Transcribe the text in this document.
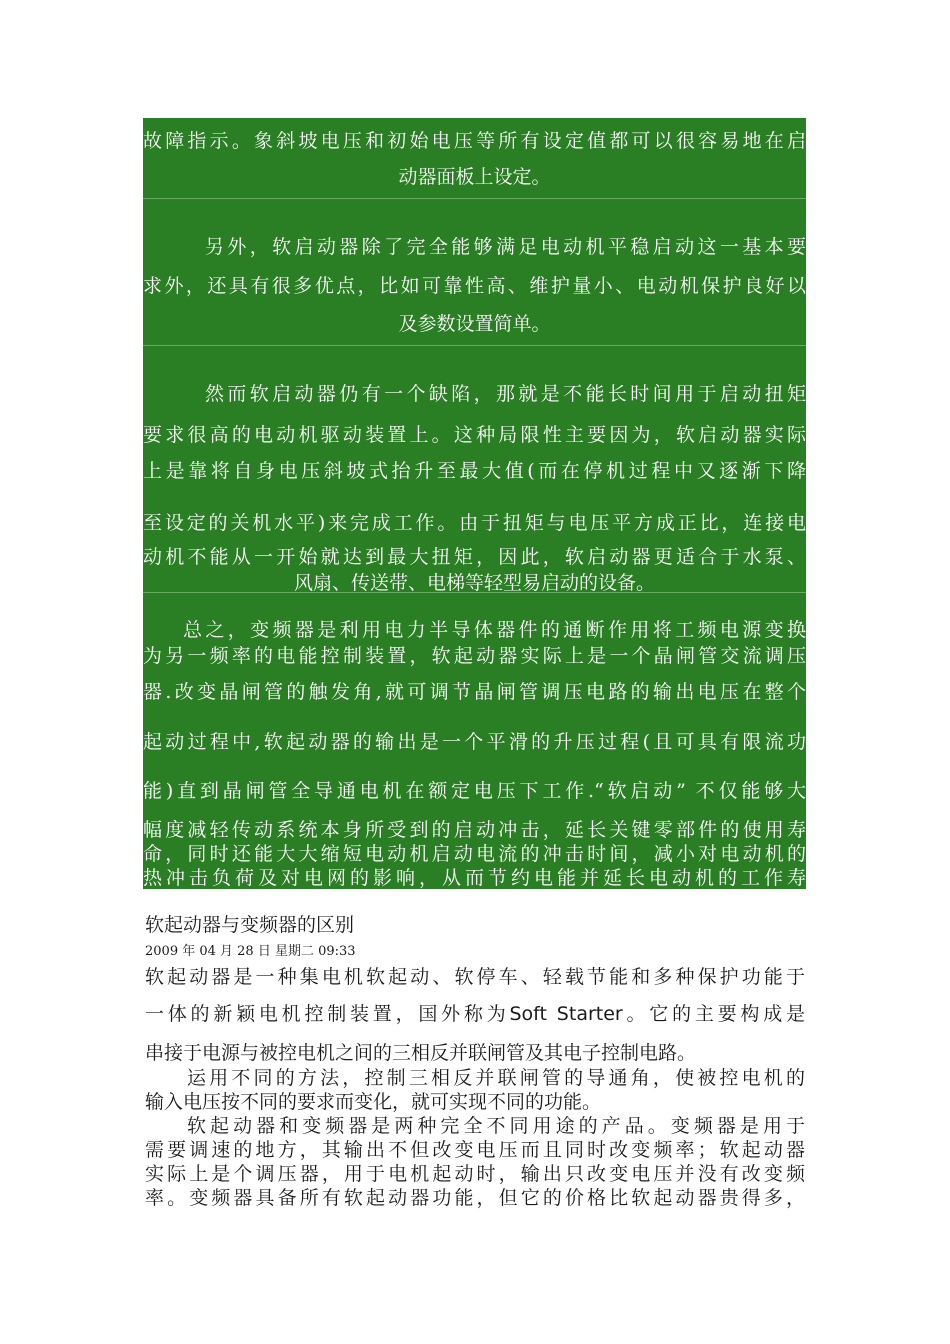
故障指示。象斜坡电压和初始电压等所有设定值都可以很容易地在启
动器面板上设定。
另外，软启动器除了完全能够满足电动机平稳启动这一基本要
求外，还具有很多优点，比如可靠性高、维护量小、电动机保护良好以
及参数设置简单。
然而软启动器仍有一个缺陷，那就是不能长时间用于启动扭矩
要求很高的电动机驱动装置上。这种局限性主要因为，软启动器实际
上是靠将自身电压斜坡式抬升至最大值(而在停机过程中又逐渐下降
至设定的关机水平)来完成工作。由于扭矩与电压平方成正比，连接电
动机不能从一开始就达到最大扭矩，因此，软启动器更适合于水泵、
风扇、传送带、电梯等轻型易启动的设备。
总之，变频器是利用电力半导体器件的通断作用将工频电源变换
为另一频率的电能控制装置，软起动器实际上是一个晶闸管交流调压
器.改变晶闸管的触发角,就可调节晶闸管调压电路的输出电压在整个
起动过程中,软起动器的输出是一个平滑的升压过程(且可具有限流功
能)直到晶闸管全导通电机在额定电压下工作.“软启动” 不仅能够大
幅度减轻传动系统本身所受到的启动冲击，延长关键零部件的使用寿
命，同时还能大大缩短电动机启动电流的冲击时间，减小对电动机的
热冲击负荷及对电网的影响，从而节约电能并延长电动机的工作寿
软起动器与变频器的区别
2009 年 04 月 28 日 星期二 09:33
软起动器是一种集电机软起动、软停车、轻载节能和多种保护功能于
一体的新颖电机控制装置，国外称为Soft Starter。它的主要构成是
串接于电源与被控电机之间的三相反并联闸管及其电子控制电路。
运用不同的方法，控制三相反并联闸管的导通角，使被控电机的
输入电压按不同的要求而变化，就可实现不同的功能。
软起动器和变频器是两种完全不同用途的产品。变频器是用于
需要调速的地方，其输出不但改变电压而且同时改变频率；软起动器
实际上是个调压器，用于电机起动时，输出只改变电压并没有改变频
率。变频器具备所有软起动器功能，但它的价格比软起动器贵得多，
